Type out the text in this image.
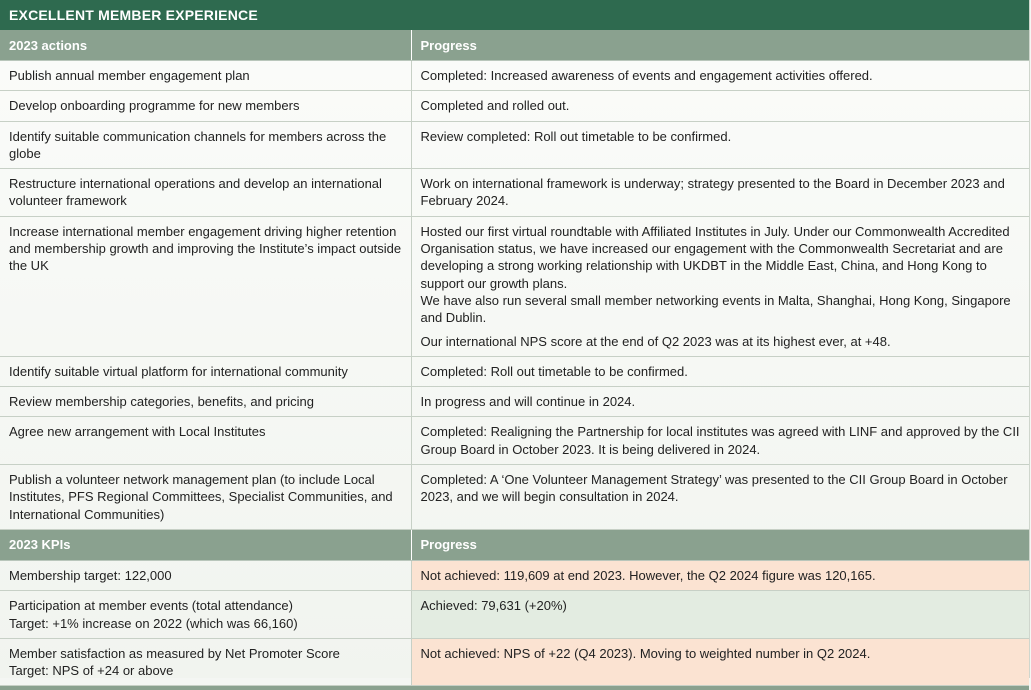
EXCELLENT MEMBER EXPERIENCE
2023 actions	Progress
Publish annual member engagement plan	Completed: Increased awareness of events and engagement activities offered.

Develop onboarding programme for new members	Completed and rolled out.

Identify suitable communication channels for members across the globe	Review completed: Roll out timetable to be confirmed.

Restructure international operations and develop an international volunteer framework	Work on international framework is underway; strategy presented to the Board in December 2023 and February 2024.

Increase international member engagement driving higher retention and membership growth and improving the Institute’s impact outside the UK	Hosted our first virtual roundtable with Affiliated Institutes in July. Under our Commonwealth Accredited Organisation status, we have increased our engagement with the Commonwealth Secretariat and are developing a strong working relationship with UKDBT in the Middle East, China, and Hong Kong to support our growth plans.

We have also run several small member networking events in Malta, Shanghai, Hong Kong, Singapore and Dublin.

Our international NPS score at the end of Q2 2023 was at its highest ever, at +48.

Identify suitable virtual platform for international community	Completed: Roll out timetable to be confirmed.

Review membership categories, benefits, and pricing	In progress and will continue in 2024.

Agree new arrangement with Local Institutes	Completed: Realigning the Partnership for local institutes was agreed with LINF and approved by the CII Group Board in October 2023. It is being delivered in 2024.

Publish a volunteer network management plan (to include Local Institutes, PFS Regional Committees, Specialist Communities, and International Communities)	Completed: A ‘One Volunteer Management Strategy’ was presented to the CII Group Board in October 2023, and we will begin consultation in 2024.

2023 KPIs	Progress

Membership target: 122,000	Not achieved: 119,609 at end 2023. However, the Q2 2024 figure was 120,165.

Participation at member events (total attendance)

Target: +1% increase on 2022 (which was 66,160)	Achieved: 79,631 (+20%)

Member satisfaction as measured by Net Promoter Score

Target: NPS of +24 or above	Not achieved: NPS of +22 (Q4 2023). Moving to weighted number in Q2 2024.
